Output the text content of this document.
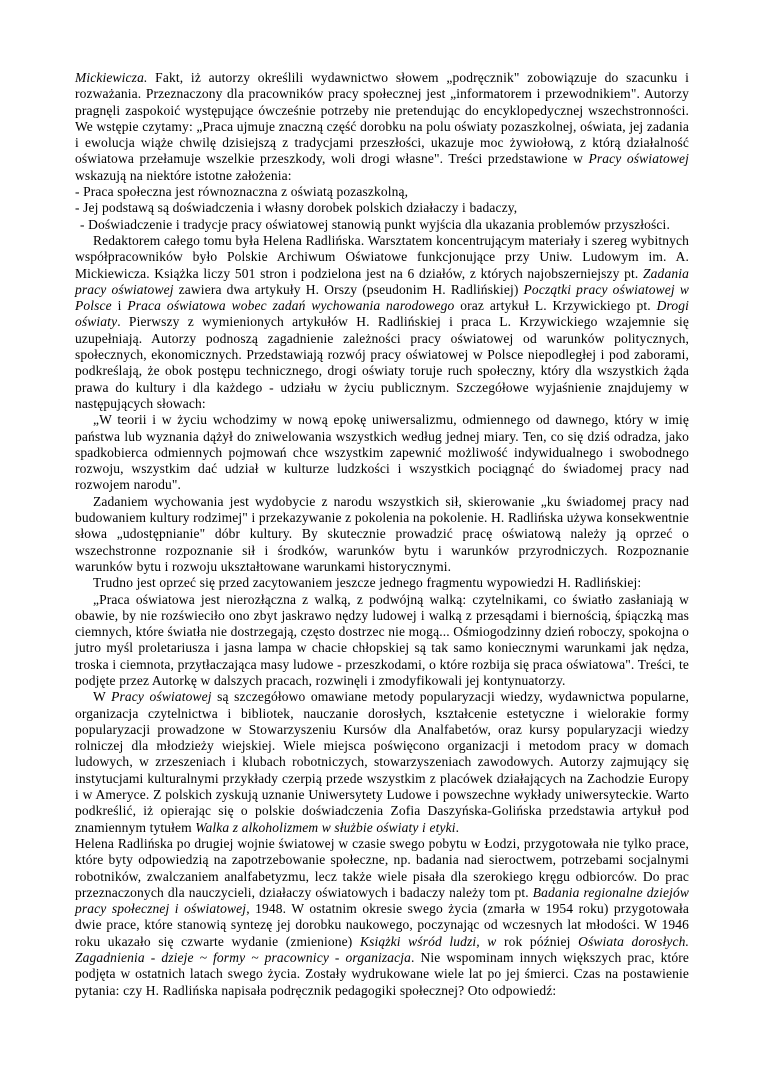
Mickiewicza. Fakt, iż autorzy określili wydawnictwo słowem „podręcznik" zobowiązuje do szacunku i rozważania. Przeznaczony dla pracowników pracy społecznej jest „informatorem i przewodnikiem". Autorzy pragnęli zaspokoić występujące ówcześnie potrzeby nie pretendując do encyklopedycznej wszechstronności. We wstępie czytamy: „Praca ujmuje znaczną część dorobku na polu oświaty pozaszkolnej, oświata, jej zadania i ewolucja wiąże chwilę dzisiejszą z tradycjami przeszłości, ukazuje moc żywiołową, z którą działalność oświatowa przełamuje wszelkie przeszkody, woli drogi własne". Treści przedstawione w Pracy oświatowej wskazują na niektóre istotne założenia:

- Praca społeczna jest równoznaczna z oświatą pozaszkolną,

- Jej podstawą są doświadczenia i własny dorobek polskich działaczy i badaczy,

- Doświadczenie i tradycje pracy oświatowej stanowią punkt wyjścia dla ukazania problemów przyszłości.

Redaktorem całego tomu była Helena Radlińska. Warsztatem koncentrującym materiały i szereg wybitnych współpracowników było Polskie Archiwum Oświatowe funkcjonujące przy Uniw. Ludowym im. A. Mickiewicza. Książka liczy 501 stron i podzielona jest na 6 działów, z których najobszerniejszy pt. Zadania pracy oświatowej zawiera dwa artykuły H. Orszy (pseudonim H. Radlińskiej) Początki pracy oświatowej w Polsce i Praca oświatowa wobec zadań wychowania narodowego oraz artykuł L. Krzywickiego pt. Drogi oświaty. Pierwszy z wymienionych artykułów H. Radlińskiej i praca L. Krzywickiego wzajemnie się uzupełniają. Autorzy podnoszą zagadnienie zależności pracy oświatowej od warunków politycznych, społecznych, ekonomicznych. Przedstawiają rozwój pracy oświatowej w Polsce niepodległej i pod zaborami, podkreślają, że obok postępu technicznego, drogi oświaty toruje ruch społeczny, który dla wszystkich żąda prawa do kultury i dla każdego - udziału w życiu publicznym. Szczegółowe wyjaśnienie znajdujemy w następujących słowach:

„W teorii i w życiu wchodzimy w nową epokę uniwersalizmu, odmiennego od dawnego, który w imię państwa lub wyznania dążył do zniwelowania wszystkich według jednej miary. Ten, co się dziś odradza, jako spadkobierca odmiennych pojmowań chce wszystkim zapewnić możliwość indywidualnego i swobodnego rozwoju, wszystkim dać udział w kulturze ludzkości i wszystkich pociągnąć do świadomej pracy nad rozwojem narodu".

Zadaniem wychowania jest wydobycie z narodu wszystkich sił, skierowanie „ku świadomej pracy nad budowaniem kultury rodzimej" i przekazywanie z pokolenia na pokolenie. H. Radlińska używa konsekwentnie słowa „udostępnianie" dóbr kultury. By skutecznie prowadzić pracę oświatową należy ją oprzeć o wszechstronne rozpoznanie sił i środków, warunków bytu i warunków przyrodniczych. Rozpoznanie warunków bytu i rozwoju ukształtowane warunkami historycznymi.

Trudno jest oprzeć się przed zacytowaniem jeszcze jednego fragmentu wypowiedzi H. Radlińskiej:

„Praca oświatowa jest nierozłączna z walką, z podwójną walką: czytelnikami, co światło zasłaniają w obawie, by nie rozświeciło ono zbyt jaskrawo nędzy ludowej i walką z przesądami i biernością, śpiączką mas ciemnych, które światła nie dostrzegają, często dostrzec nie mogą... Ośmiogodzinny dzień roboczy, spokojna o jutro myśl proletariusza i jasna lampa w chacie chłopskiej są tak samo koniecznymi warunkami jak nędza, troska i ciemnota, przytłaczająca masy ludowe - przeszkodami, o które rozbija się praca oświatowa". Treści, te podjęte przez Autorkę w dalszych pracach, rozwinęli i zmodyfikowali jej kontynuatorzy.

W Pracy oświatowej są szczegółowo omawiane metody popularyzacji wiedzy, wydawnictwa popularne, organizacja czytelnictwa i bibliotek, nauczanie dorosłych, kształcenie estetyczne i wielorakie formy popularyzacji prowadzone w Stowarzyszeniu Kursów dla Analfabetów, oraz kursy popularyzacji wiedzy rolniczej dla młodzieży wiejskiej. Wiele miejsca poświęcono organizacji i metodom pracy w domach ludowych, w zrzeszeniach i klubach robotniczych, stowarzyszeniach zawodowych. Autorzy zajmujący się instytucjami kulturalnymi przykłady czerpią przede wszystkim z placówek działających na Zachodzie Europy i w Ameryce. Z polskich zyskują uznanie Uniwersytety Ludowe i powszechne wykłady uniwersyteckie. Warto podkreślić, iż opierając się o polskie doświadczenia Zofia Daszyńska-Golińska przedstawia artykuł pod znamiennym tytułem Walka z alkoholizmem w służbie oświaty i etyki.

Helena Radlińska po drugiej wojnie światowej w czasie swego pobytu w Łodzi, przygotowała nie tylko prace, które byty odpowiedzią na zapotrzebowanie społeczne, np. badania nad sieroctwem, potrzebami socjalnymi robotników, zwalczaniem analfabetyzmu, lecz także wiele pisała dla szerokiego kręgu odbiorców. Do prac przeznaczonych dla nauczycieli, działaczy oświatowych i badaczy należy tom pt. Badania regionalne dziejów pracy społecznej i oświatowej, 1948. W ostatnim okresie swego życia (zmarła w 1954 roku) przygotowała dwie prace, które stanowią syntezę jej dorobku naukowego, poczynając od wczesnych lat młodości. W 1946 roku ukazało się czwarte wydanie (zmienione) Książki wśród ludzi, w rok później Oświata dorosłych. Zagadnienia - dzieje ~ formy ~ pracownicy - organizacja. Nie wspominam innych większych prac, które podjęta w ostatnich latach swego życia. Zostały wydrukowane wiele lat po jej śmierci. Czas na postawienie pytania: czy H. Radlińska napisała podręcznik pedagogiki społecznej? Oto odpowiedź:
